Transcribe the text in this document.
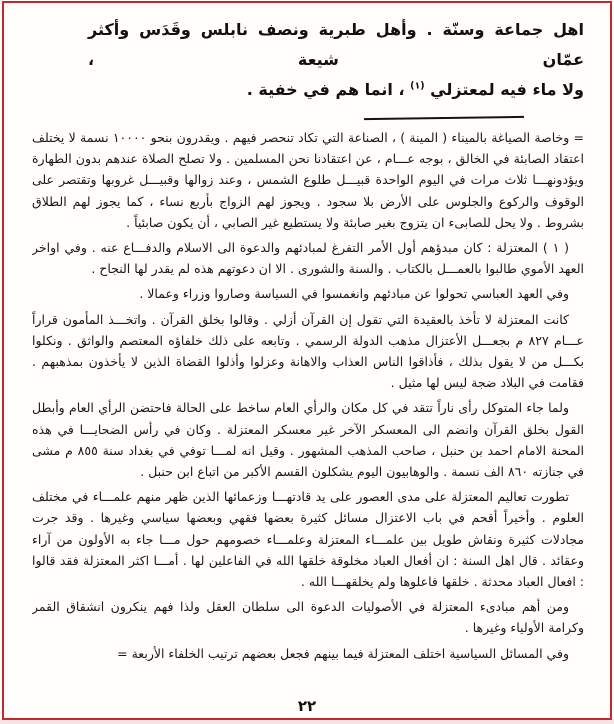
اهل جماعة وسنّة . وأهل طبرية ونصف نابلس وقَدَس وأكثر عمّان شيعة ،
ولا ماء فيه لمعتزلي $^{(١)}$ ، انما هم في خفية .

= وخاصة الصياغة بالميناء ( المينة ) ، الصناعة التي تكاد تنحصر فيهم . ويقدرون بنحو ١٠٠٠٠ نسمة لا يختلف اعتقاد الصابئة في الخالق ، بوجه عـــام ، عن اعتقادنا نحن المسلمين . ولا تصلح الصلاة عندهم بدون الطهارة ويؤدونهـــا ثلاث مرات في اليوم الواحدة قبيـــل طلوع الشمس ، وعند زوالها وقبيـــل غروبها وتقتصر على الوقوف والركوع والجلوس على الأرض بلا سجود . ويجوز لهم الزواج بأربع نساء ، كما يجوز لهم الطلاق بشروط . ولا يحل للصابىء ان يتزوج بغير صابئة ولا يستطيع غير الصابي ، أن يكون صابئياً .

( ١ ) المعتزلة : كان مبدؤهم أول الأمر التفرغ لمبادئهم والدعوة الى الاسلام والدفـــاع عنه . وفي اواخر العهد الأموي طالبوا بالعمـــل بالكتاب . والسنة والشورى . الا ان دعوتهم هذه لم يقدر لها النجاح .

وفي العهد العباسي تحولوا عن مبادئهم وانغمسوا في السياسة وصاروا وزراء وعمالا .

كانت المعتزلة لا تأخذ بالعقيدة التي تقول إن القرآن أزلي . وقالوا بخلق القرآن . واتخـــذ المأمون قراراً عـــام ٨٢٧ م بجعـــل الأعتزال مذهب الدولة الرسمي . وتابعه على ذلك خلفاؤه المعتصم والواثق . ونكلوا بكـــل من لا يقول بذلك ، فأذاقوا الناس العذاب والاهانة وعزلوا وأذلوا القضاة الذين لا يأخذون بمذهبهم . فقامت في البلاد ضجة ليس لها مثيل .

ولما جاء المتوكل رأى ناراً تتقد في كل مكان والرأي العام ساخط على الحالة فاحتضن الرأي العام وأبطل القول بخلق القرآن وانضم الى المعسكر الآخر غير معسكر المعتزلة . وكان في رأس الضحايـــا في هذه المحنة الامام احمد بن حنبل ، صاحب المذهب المشهور . وقيل انه لمـــا توفي في بغداد سنة ٨٥٥ م مشى في جنازته ٨٦٠ الف نسمة . والوهابيون اليوم يشكلون القسم الأكبر من اتباع ابن حنبل .

تطورت تعاليم المعتزلة على مدى العصور على يد قادتهـــا وزعمائها الذين ظهر منهم علمـــاء في مختلف العلوم . وأخيراً أقحم في باب الاعتزال مسائل كثيرة بعضها فقهي وبعضها سياسي وغيرها . وقد جرت مجادلات كثيرة ونقاش طويل بين علمـــاء المعتزلة وعلمـــاء خصومهم حول مـــا جاء به الأولون من آراء وعقائد . قال اهل السنة : ان أفعال العباد مخلوقة خلقها الله في الفاعلين لها . أمـــا اكثر المعتزلة فقد قالوا : افعال العباد محدثة . خلقها فاعلوها ولم يخلقهـــا الله .

ومن أهم مبادىء المعتزلة في الأصوليات الدعوة الى سلطان العقل ولذا فهم ينكرون انشقاق القمر وكرامة الأولياء وغيرها .

وفي المسائل السياسية اختلف المعتزلة فيما بينهم فجعل بعضهم ترتيب الخلفاء الأربعة =

٢٢
